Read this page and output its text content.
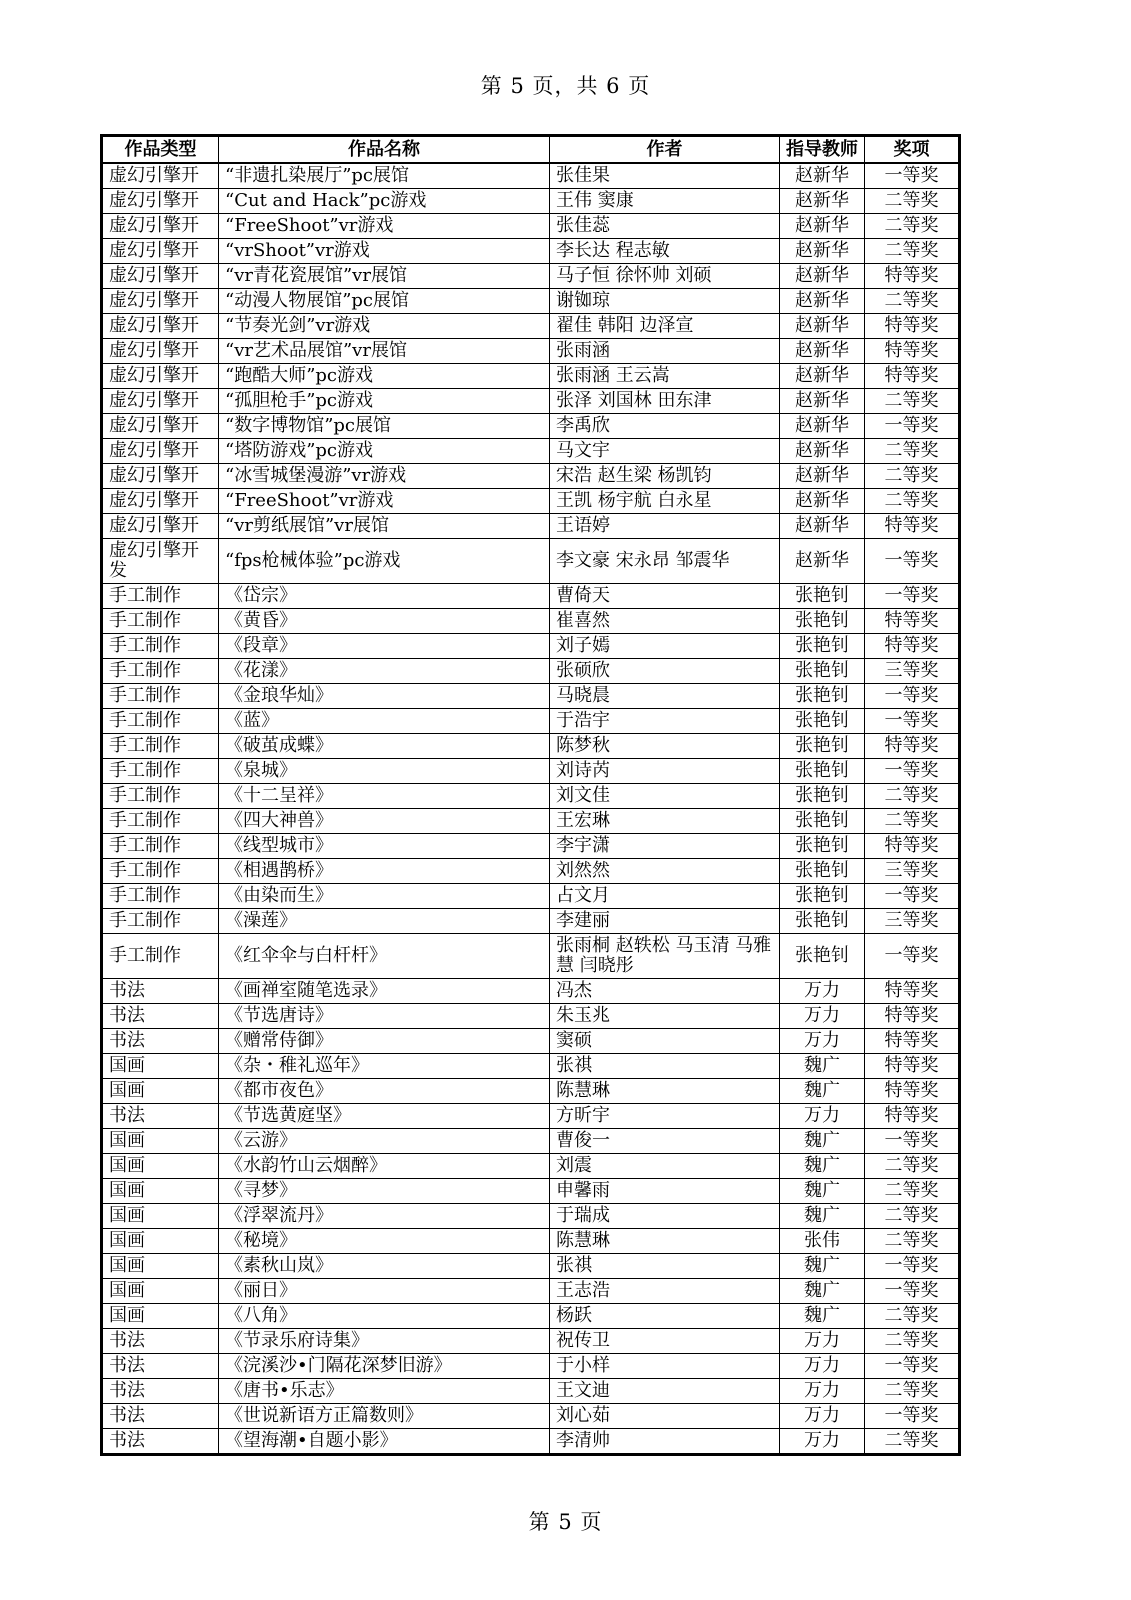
第 5 页，共 6 页
作品类型	作品名称	作者	指导教师	奖项
虚幻引擎开	“非遗扎染展厅”pc展馆	张佳果	赵新华	一等奖
虚幻引擎开	“Cut and Hack”pc游戏	王伟 窦康	赵新华	二等奖
虚幻引擎开	“FreeShoot”vr游戏	张佳蕊	赵新华	二等奖
虚幻引擎开	“vrShoot”vr游戏	李长达 程志敏	赵新华	二等奖
虚幻引擎开	“vr青花瓷展馆”vr展馆	马子恒 徐怀帅 刘硕	赵新华	特等奖
虚幻引擎开	“动漫人物展馆”pc展馆	谢铷琼	赵新华	二等奖
虚幻引擎开	“节奏光剑”vr游戏	翟佳 韩阳 边泽宣	赵新华	特等奖
虚幻引擎开	“vr艺术品展馆”vr展馆	张雨涵	赵新华	特等奖
虚幻引擎开	“跑酷大师”pc游戏	张雨涵 王云嵩	赵新华	特等奖
虚幻引擎开	“孤胆枪手”pc游戏	张泽 刘国林 田东津	赵新华	二等奖
虚幻引擎开	“数字博物馆”pc展馆	李禹欣	赵新华	一等奖
虚幻引擎开	“塔防游戏”pc游戏	马文宇	赵新华	二等奖
虚幻引擎开	“冰雪城堡漫游”vr游戏	宋浩 赵生梁 杨凯钧	赵新华	二等奖
虚幻引擎开	“FreeShoot”vr游戏	王凯 杨宇航 白永星	赵新华	二等奖
虚幻引擎开	“vr剪纸展馆”vr展馆	王语婷	赵新华	特等奖
虚幻引擎开发	“fps枪械体验”pc游戏	李文豪 宋永昂 邹震华	赵新华	一等奖
手工制作	《岱宗》	曹倚天	张艳钊	一等奖
手工制作	《黄昏》	崔喜然	张艳钊	特等奖
手工制作	《段章》	刘子嫣	张艳钊	特等奖
手工制作	《花漾》	张硕欣	张艳钊	三等奖
手工制作	《金琅华灿》	马晓晨	张艳钊	一等奖
手工制作	《蓝》	于浩宇	张艳钊	一等奖
手工制作	《破茧成蝶》	陈梦秋	张艳钊	特等奖
手工制作	《泉城》	刘诗芮	张艳钊	一等奖
手工制作	《十二呈祥》	刘文佳	张艳钊	二等奖
手工制作	《四大神兽》	王宏琳	张艳钊	二等奖
手工制作	《线型城市》	李宇潇	张艳钊	特等奖
手工制作	《相遇鹊桥》	刘然然	张艳钊	三等奖
手工制作	《由染而生》	占文月	张艳钊	一等奖
手工制作	《澡莲》	李建丽	张艳钊	三等奖
手工制作	《红伞伞与白杆杆》	张雨桐 赵轶松 马玉清 马雅慧 闫晓彤	张艳钊	一等奖
书法	《画禅室随笔选录》	冯杰	万力	特等奖
书法	《节选唐诗》	朱玉兆	万力	特等奖
书法	《赠常侍御》	窦硕	万力	特等奖
国画	《杂・稚礼巡年》	张祺	魏广	特等奖
国画	《都市夜色》	陈慧琳	魏广	特等奖
书法	《节选黄庭坚》	方昕宇	万力	特等奖
国画	《云游》	曹俊一	魏广	一等奖
国画	《水韵竹山云烟醉》	刘震	魏广	二等奖
国画	《寻梦》	申馨雨	魏广	二等奖
国画	《浮翠流丹》	于瑞成	魏广	二等奖
国画	《秘境》	陈慧琳	张伟	二等奖
国画	《素秋山岚》	张祺	魏广	一等奖
国画	《丽日》	王志浩	魏广	一等奖
国画	《八角》	杨跃	魏广	二等奖
书法	《节录乐府诗集》	祝传卫	万力	二等奖
书法	《浣溪沙•门隔花深梦旧游》	于小样	万力	一等奖
书法	《唐书•乐志》	王文迪	万力	二等奖
书法	《世说新语方正篇数则》	刘心茹	万力	一等奖
书法	《望海潮•自题小影》	李清帅	万力	二等奖
第 5 页
